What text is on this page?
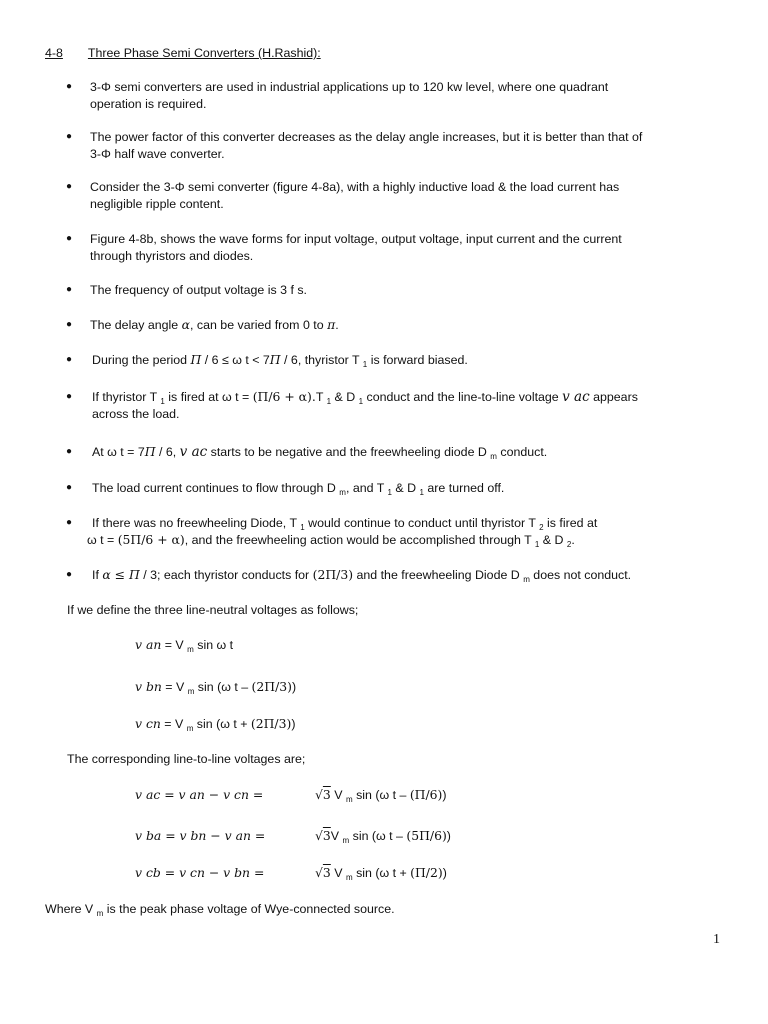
4-8 Three Phase Semi Converters (H.Rashid):
● 3-Φ semi converters are used in industrial applications up to 120 kw level, where one quadrant
operation is required.
● The power factor of this converter decreases as the delay angle increases, but it is better than that of
3-Φ half wave converter.
● Consider the 3-Φ semi converter (figure 4-8a), with a highly inductive load & the load current has
negligible ripple content.
● Figure 4-8b, shows the wave forms for input voltage, output voltage, input current and the current
through thyristors and diodes.
● The frequency of output voltage is 3 f s.
● The delay angle α, can be varied from 0 to π.
● During the period Π / 6 ≤ ω t < 7Π / 6, thyristor T $_1$ is forward biased.
● If thyristor T $_1$ is fired at ω t = (Π/6 + α).T $_1$ & D $_1$ conduct and the line-to-line voltage v ac appears
across the load.
● At ω t = 7Π / 6, v ac starts to be negative and the freewheeling diode D $_m$ conduct.
● The load current continues to flow through D $_m$, and T $_1$ & D $_1$ are turned off.
● If there was no freewheeling Diode, T $_1$ would continue to conduct until thyristor T $_2$ is fired at
ω t = (5Π/6 + α), and the freewheeling action would be accomplished through T $_1$ & D $_2$.
● If α ≤ Π / 3; each thyristor conducts for (2Π/3) and the freewheeling Diode D $_m$ does not conduct.
If we define the three line-neutral voltages as follows;
v an = V $_m$ sin ω t
v bn = V $_m$ sin (ω t – (2Π/3))
v cn = V $_m$ sin (ω t + (2Π/3))
The corresponding line-to-line voltages are;
v ac = v an − v cn =	√3 V $_m$ sin (ω t – (Π/6))
v ba = v bn − v an =	√3V $_m$ sin (ω t – (5Π/6))
v cb = v cn − v bn =	√3 V $_m$ sin (ω t + (Π/2))
Where V $_m$ is the peak phase voltage of Wye-connected source.
1
